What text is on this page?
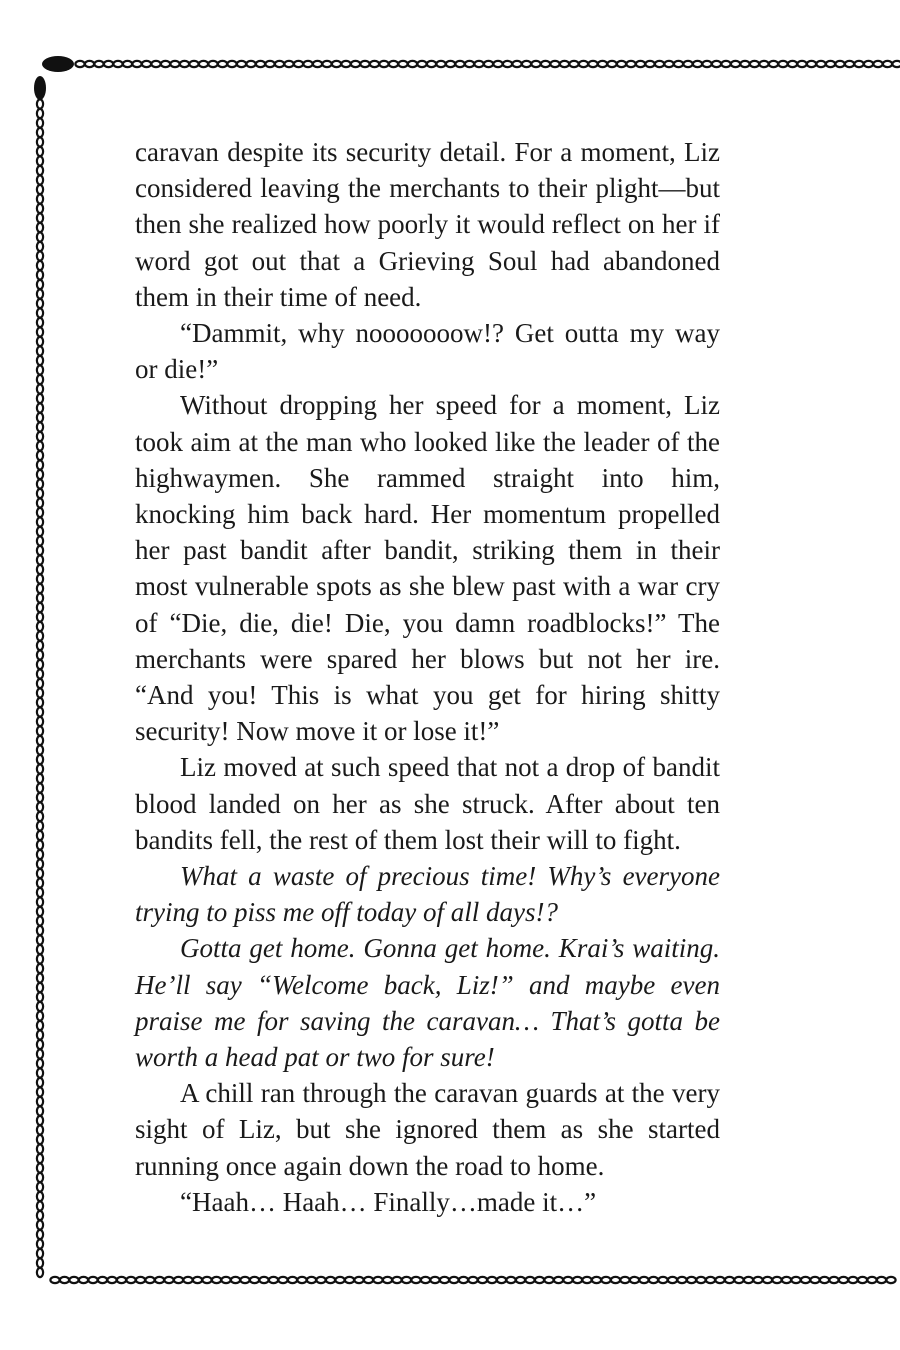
caravan despite its security detail. For a moment, Liz considered leaving the merchants to their plight—but then she realized how poorly it would reflect on her if word got out that a Grieving Soul had abandoned them in their time of need.

“Dammit, why nooooooow!? Get outta my way or die!”

Without dropping her speed for a moment, Liz took aim at the man who looked like the leader of the highwaymen. She rammed straight into him, knocking him back hard. Her momentum propelled her past bandit after bandit, striking them in their most vulnerable spots as she blew past with a war cry of “Die, die, die! Die, you damn roadblocks!” The merchants were spared her blows but not her ire. “And you! This is what you get for hiring shitty security! Now move it or lose it!”

Liz moved at such speed that not a drop of bandit blood landed on her as she struck. After about ten bandits fell, the rest of them lost their will to fight.

What a waste of precious time! Why’s everyone trying to piss me off today of all days!?

Gotta get home. Gonna get home. Krai’s waiting. He’ll say “Welcome back, Liz!” and maybe even praise me for saving the caravan… That’s gotta be worth a head pat or two for sure!

A chill ran through the caravan guards at the very sight of Liz, but she ignored them as she started running once again down the road to home.

“Haah… Haah… Finally…made it…”
